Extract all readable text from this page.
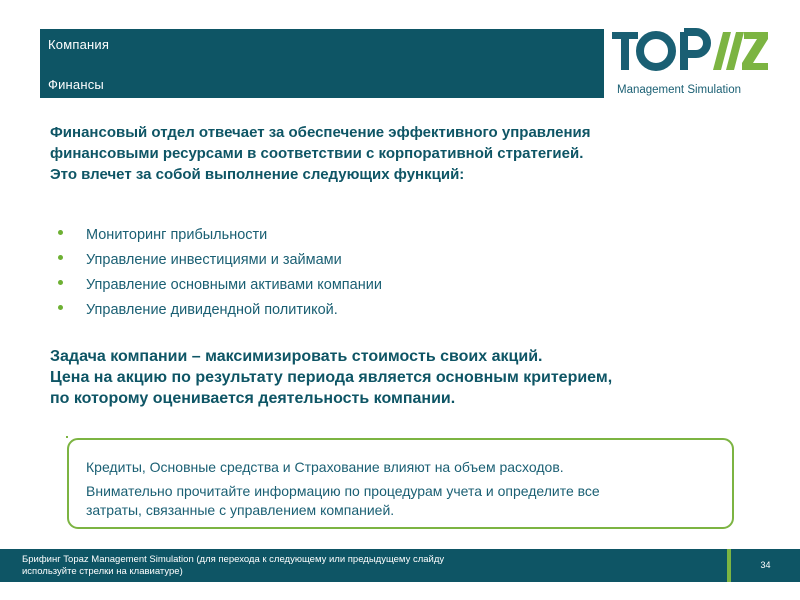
Компания
Финансы	Management Simulation
Финансовый отдел отвечает за обеспечение эффективного управления
финансовыми ресурсами в соответствии с корпоративной стратегией.
Это влечет за собой выполнение следующих функций:
Мониторинг прибыльности
Управление инвестициями и займами
Управление основными активами компании
Управление дивидендной политикой.
Задача компании – максимизировать стоимость своих акций.
Цена на акцию по результату периода является основным критерием,
по которому оценивается деятельность компании.

Кредиты, Основные средства и Страхование влияют на объем расходов.

Внимательно прочитайте информацию по процедурам учета и определите все
затраты, связанные с управлением компанией.

Брифинг Topaz Management Simulation (для перехода к следующему или предыдущему слайду
используйте стрелки на клавиатуре)
34
